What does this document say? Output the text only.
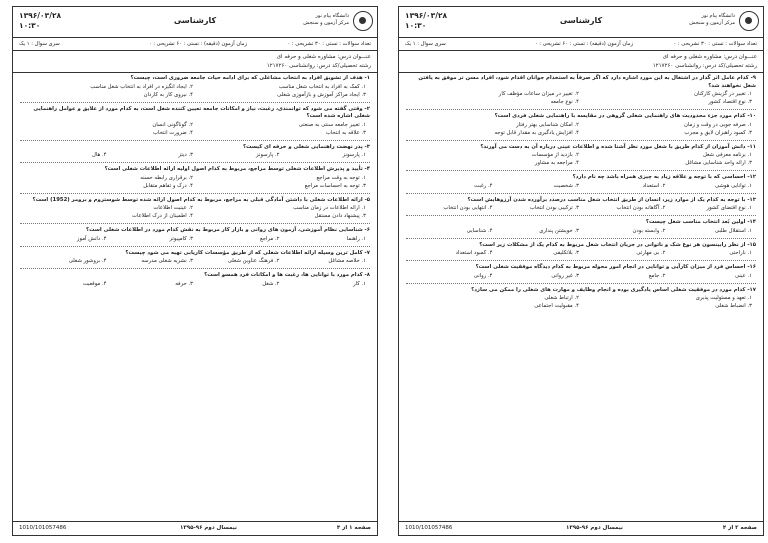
دانشگاه پیام نور
مرکز آزمون و سنجش
کارشناسی
۱۳۹۶/۰۳/۲۸
۱۰:۳۰
تعداد سوالات : تستی : ۳۰ تشریحی : ۰
زمان آزمون (دقیقه) : تستی : ۶۰ تشریحی : ۰
سری سوال : ۱ یک
عنـــوان درس: مشاوره شغلی و حرفه ای
رشته تحصیلی/کد درس: روانشناسی ۱۲۱۷۲۶۰
۱- هدف از تشویق افراد به انتخاب مشاغلی که برای ادامه حیات جامعه ضروری است، چیست؟
۱. کمک به افراد به انتخاب شغل مناسب
۲. ایجاد انگیزه در افراد به انتخاب شغل مناسب
۳. ایجاد مراکز آموزش و بازآموزی شغلی
۴. نیروی کار به کاردان
۲- وقتی گفته می شود که توانمندی، رغبت، نیاز و امکانات جامعه تعیین کننده شغل است، به کدام مورد از علایق و عوامل راهنمایی شغلی اشاره شده است؟
۱. تغییر جامعه سنتی به صنعتی
۲. گوناگونی انسان
۳. علاقه به انتخاب
۴. ضرورت انتخاب
۳- پدر نهضت راهنمایی شغلی و حرفه ای کیست؟
۱. پارسونز
۲. پارسونز
۳. دیتز
۴. هال
۴- تأیید و پذیرش اطلاعات شغلی توسط مراجع، مربوط به کدام اصول اولیه ارائه اطلاعات شغلی است؟
۱. توجه به وقت مراجع
۲. برقراری رابطه حسنه
۳. توجه به احساسات مراجع
۴. درک و تفاهم متقابل
۵- ارائه اطلاعات شغلی با داشتن آمادگی قبلی به مراجع، مربوط به کدام اصول ارائه شده توسط شوستروم و برومر (1952) است؟
۱. ارائه اطلاعات در زمان مناسب
۲. عینیت اطلاعات
۳. پیشنهاد دادن مستقل
۴. اطمینان از درک اطلاعات
۶- شناسایی نظام آموزشی، آزمون های روانی و بازار کار مربوط به نقش کدام مورد در اطلاعات شغلی است؟
۱. راهنما
۲. مراجع
۳. کامپیوتر
۴. دانش آموز
۷- کامل ترین وسیله ارائه اطلاعات شغلی که از طریق مؤسسات کاریابی تهیه می شود چیست؟
۱. خلاصه مشاغل
۲. فرهنگ عناوین شغلی
۳. نشریه شغلی مدرسه
۴. بروشور شغلی
۸- کدام مورد با توانایی ها، رغبت ها و امکانات فرد همسو است؟
۱. کار
۲. شغل
۳. حرفه
۴. موقعیت
صفحه ۱ از ۴
نیمسال دوم ۹۶-۱۳۹۵
1010/101057486
دانشگاه پیام نور
مرکز آزمون و سنجش
کارشناسی
۱۳۹۶/۰۳/۲۸
۱۰:۳۰
تعداد سوالات : تستی : ۳۰ تشریحی : ۰
زمان آزمون (دقیقه) : تستی : ۶۰ تشریحی : ۰
سری سوال : ۱ یک
عنـــوان درس: مشاوره شغلی و حرفه ای
رشته تحصیلی/کد درس: روانشناسی ۱۲۱۷۲۶۰
۹- کدام عامل اثر گذار در اشتغال به این مورد اشاره دارد که اگر صرفاً به استخدام جوانان اقدام شود، افراد مسن تر موفق به یافتن شغل نخواهند شد؟
۱. تغییر در گزینش کارکنان
۲. تغییر در میزان ساعات مؤظف کار
۳. نوع اقتصاد کشور
۴. نوع جامعه
۱۰- کدام مورد جزء محدودیت های راهنمایی شغلی گروهی در مقایسه با راهنمایی شغلی فردی است؟
۱. صرفه جویی در وقت و زمان
۲. امکان شناسایی بهتر رفتار
۳. کمبود راهبران لایق و مجرب
۴. افزایش یادگیری به مقدار قابل توجه
۱۱- دانش آموزان از کدام طریق با شغل مورد نظر آشنا شده و اطلاعات عینی درباره آن به دست می آورند؟
۱. برنامه معرفی شغل
۲. بازدید از مؤسسات
۳. ارائه واحد شناسایی مشاغل
۴. مراجعه به مشاور
۱۲- احساسی که با توجه و علاقه زیاد به چیزی همراه باشد چه نام دارد؟
۱. توانایی هوشی
۲. استعداد
۳. شخصیت
۴. رغبت
۱۳- با توجه به کدام یک از موارد زیر، انسان از طریق انتخاب شغل مناسب درصدد برآورده شدن آرزوهایش است؟
۱. نوع اقتضای کشور
۲. آگاهانه بودن انتخاب
۳. ترکیبی بودن انتخاب
۴. انتهایی بودن انتخاب
۱۴- اولین بُعد انتخاب مناسب شغل چیست؟
۱. استقلال طلبی
۲. وابسته بودن
۳. خویشتن پنداری
۴. شناسایی
۱۵- از نظر رابینسون هر نوع شک و ناتوانی در جریان انتخاب شغل مربوط به کدام یک از مشکلات زیر است؟
۱. ناراحتی
۲. بی مهارتی
۳. بلاتکلیفی
۴. کمبود استعداد
۱۶- احساس فرد از میزان کارآیی و توانایی در انجام امور محوله مربوط به کدام دیدگاه موفقیت شغلی است؟
۱. عینی
۲. جامع
۳. غیر روانی
۴. روانی
۱۷- کدام مورد در موفقیت شغلی اساس یادگیری بوده و انجام وظایف و مهارت های شغلی را ممکن می سازد؟
۱. تعهد و مسئولیت پذیری
۲. ارتباط شغلی
۳. انضباط شغلی
۴. مقبولیت اجتماعی
صفحه ۲ از ۴
نیمسال دوم ۹۶-۱۳۹۵
1010/101057486
